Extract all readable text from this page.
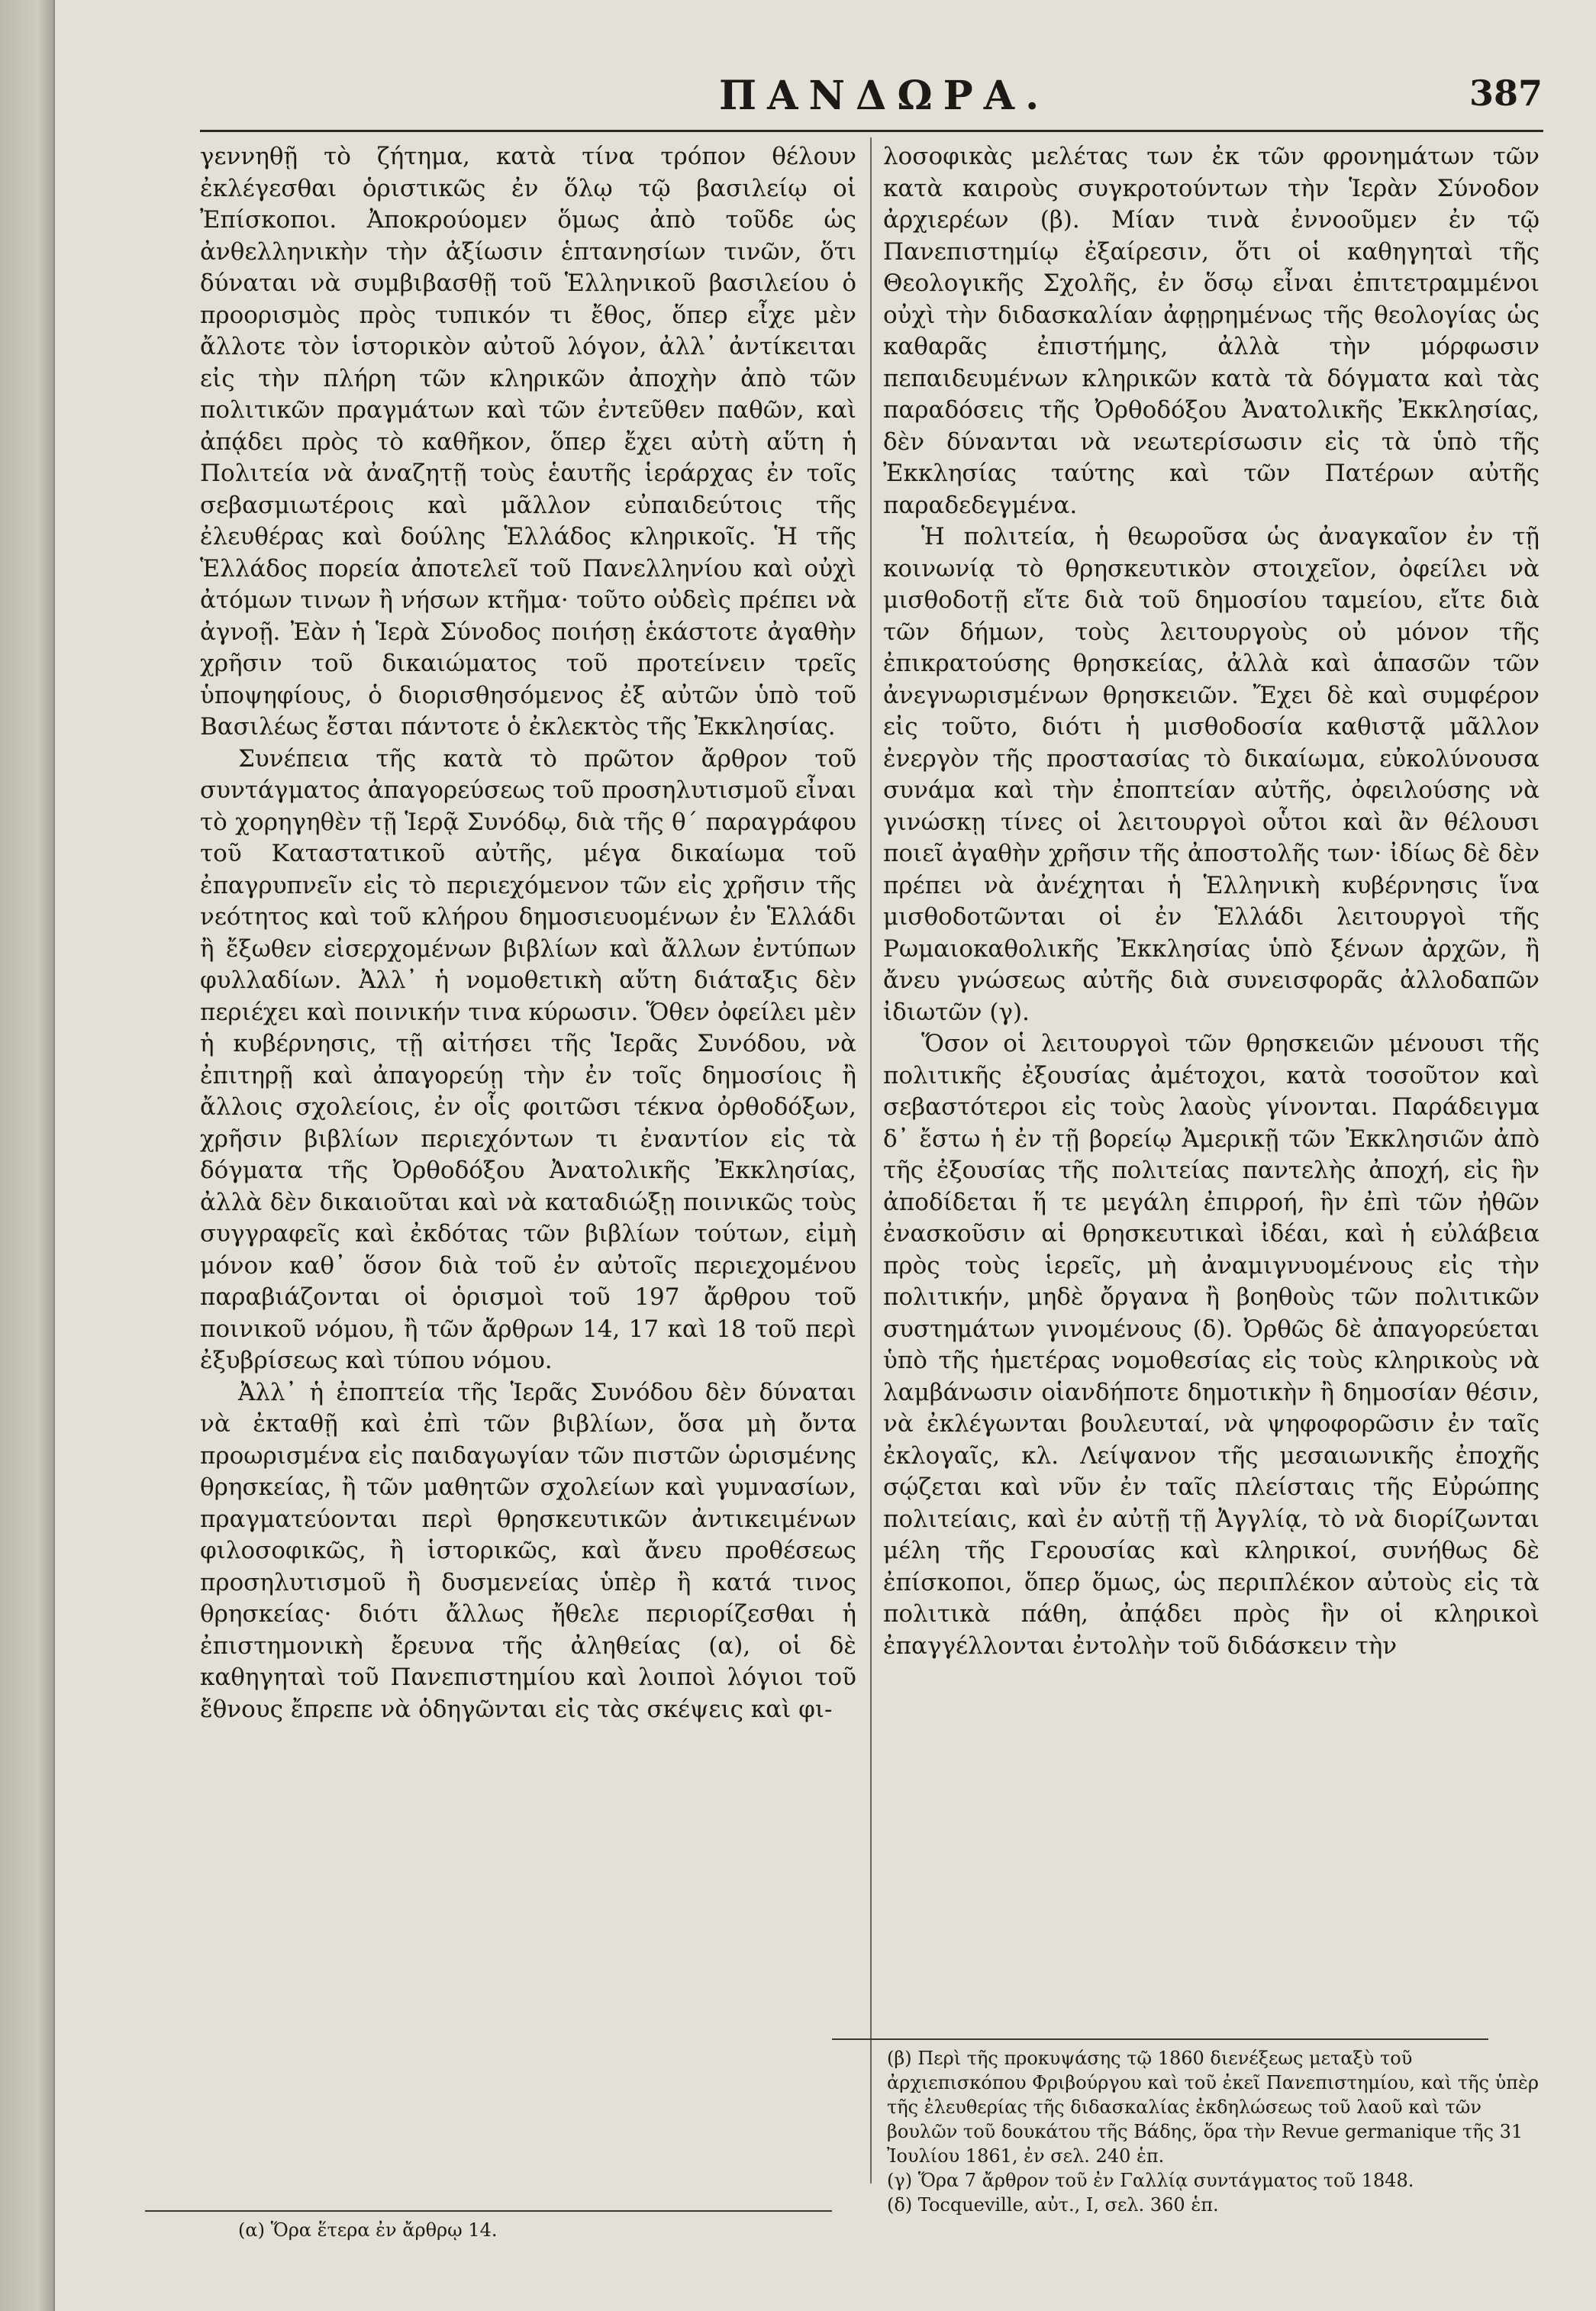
ΠΑΝΔΩΡΑ.	387

γεννηθῇ τὸ ζήτημα, κατὰ τίνα τρόπον θέλουν ἐκλέγεσθαι ὁριστικῶς ἐν ὅλῳ τῷ βασιλείῳ οἱ Ἐπίσκοποι. Ἀποκρούομεν ὅμως ἀπὸ τοῦδε ὡς ἀνθελληνικὴν τὴν ἀξίωσιν ἑπτανησίων τινῶν, ὅτι δύναται νὰ συμβιβασθῇ τοῦ Ἑλληνικοῦ βασιλείου ὁ προορισμὸς πρὸς τυπικόν τι ἔθος, ὅπερ εἶχε μὲν ἄλλοτε τὸν ἱστορικὸν αὐτοῦ λόγον, ἀλλ᾽ ἀντίκειται εἰς τὴν πλήρη τῶν κληρικῶν ἀποχὴν ἀπὸ τῶν πολιτικῶν πραγμάτων καὶ τῶν ἐντεῦθεν παθῶν, καὶ ἀπᾴδει πρὸς τὸ καθῆκον, ὅπερ ἔχει αὐτὴ αὕτη ἡ Πολιτεία νὰ ἀναζητῇ τοὺς ἑαυτῆς ἱεράρχας ἐν τοῖς σεβασμιωτέροις καὶ μᾶλλον εὐπαιδεύτοις τῆς ἐλευθέρας καὶ δούλης Ἑλλάδος κληρικοῖς. Ἡ τῆς Ἑλλάδος πορεία ἀποτελεῖ τοῦ Πανελληνίου καὶ οὐχὶ ἀτόμων τινων ἢ νήσων κτῆμα· τοῦτο οὐδεὶς πρέπει νὰ ἀγνοῇ. Ἐὰν ἡ Ἱερὰ Σύνοδος ποιήσῃ ἑκάστοτε ἀγαθὴν χρῆσιν τοῦ δικαιώματος τοῦ προτείνειν τρεῖς ὑποψηφίους, ὁ διορισθησόμενος ἐξ αὐτῶν ὑπὸ τοῦ Βασιλέως ἔσται πάντοτε ὁ ἐκλεκτὸς τῆς Ἐκκλησίας.

Συνέπεια τῆς κατὰ τὸ πρῶτον ἄρθρον τοῦ συντάγματος ἀπαγορεύσεως τοῦ προσηλυτισμοῦ εἶναι τὸ χορηγηθὲν τῇ Ἱερᾷ Συνόδῳ, διὰ τῆς θ´ παραγράφου τοῦ Καταστατικοῦ αὐτῆς, μέγα δικαίωμα τοῦ ἐπαγρυπνεῖν εἰς τὸ περιεχόμενον τῶν εἰς χρῆσιν τῆς νεότητος καὶ τοῦ κλήρου δημοσιευομένων ἐν Ἑλλάδι ἢ ἔξωθεν εἰσερχομένων βιβλίων καὶ ἄλλων ἐντύπων φυλλαδίων. Ἀλλ᾽ ἡ νομοθετικὴ αὕτη διάταξις δὲν περιέχει καὶ ποινικήν τινα κύρωσιν. Ὅθεν ὀφείλει μὲν ἡ κυβέρνησις, τῇ αἰτήσει τῆς Ἱερᾶς Συνόδου, νὰ ἐπιτηρῇ καὶ ἀπαγορεύῃ τὴν ἐν τοῖς δημοσίοις ἢ ἄλλοις σχολείοις, ἐν οἷς φοιτῶσι τέκνα ὀρθοδόξων, χρῆσιν βιβλίων περιεχόντων τι ἐναντίον εἰς τὰ δόγματα τῆς Ὀρθοδόξου Ἀνατολικῆς Ἐκκλησίας, ἀλλὰ δὲν δικαιοῦται καὶ νὰ καταδιώξῃ ποινικῶς τοὺς συγγραφεῖς καὶ ἐκδότας τῶν βιβλίων τούτων, εἰμὴ μόνον καθ᾽ ὅσον διὰ τοῦ ἐν αὐτοῖς περιεχομένου παραβιάζονται οἱ ὁρισμοὶ τοῦ 197 ἄρθρου τοῦ ποινικοῦ νόμου, ἢ τῶν ἄρθρων 14, 17 καὶ 18 τοῦ περὶ ἐξυβρίσεως καὶ τύπου νόμου.

Ἀλλ᾽ ἡ ἐποπτεία τῆς Ἱερᾶς Συνόδου δὲν δύναται νὰ ἐκταθῇ καὶ ἐπὶ τῶν βιβλίων, ὅσα μὴ ὄντα προωρισμένα εἰς παιδαγωγίαν τῶν πιστῶν ὡρισμένης θρησκείας, ἢ τῶν μαθητῶν σχολείων καὶ γυμνασίων, πραγματεύονται περὶ θρησκευτικῶν ἀντικειμένων φιλοσοφικῶς, ἢ ἱστορικῶς, καὶ ἄνευ προθέσεως προσηλυτισμοῦ ἢ δυσμενείας ὑπὲρ ἢ κατά τινος θρησκείας· διότι ἄλλως ἤθελε περιορίζεσθαι ἡ ἐπιστημονικὴ ἔρευνα τῆς ἀληθείας (α), οἱ δὲ καθηγηταὶ τοῦ Πανεπιστημίου καὶ λοιποὶ λόγιοι τοῦ ἔθνους ἔπρεπε νὰ ὁδηγῶνται εἰς τὰς σκέψεις καὶ φι-

λοσοφικὰς μελέτας των ἐκ τῶν φρονημάτων τῶν κατὰ καιροὺς συγκροτούντων τὴν Ἱερὰν Σύνοδον ἀρχιερέων (β). Μίαν τινὰ ἐννοοῦμεν ἐν τῷ Πανεπιστημίῳ ἐξαίρεσιν, ὅτι οἱ καθηγηταὶ τῆς Θεολογικῆς Σχολῆς, ἐν ὅσῳ εἶναι ἐπιτετραμμένοι οὐχὶ τὴν διδασκαλίαν ἀφῃρημένως τῆς θεολογίας ὡς καθαρᾶς ἐπιστήμης, ἀλλὰ τὴν μόρφωσιν πεπαιδευμένων κληρικῶν κατὰ τὰ δόγματα καὶ τὰς παραδόσεις τῆς Ὀρθοδόξου Ἀνατολικῆς Ἐκκλησίας, δὲν δύνανται νὰ νεωτερίσωσιν εἰς τὰ ὑπὸ τῆς Ἐκκλησίας ταύτης καὶ τῶν Πατέρων αὐτῆς παραδεδεγμένα.

Ἡ πολιτεία, ἡ θεωροῦσα ὡς ἀναγκαῖον ἐν τῇ κοινωνίᾳ τὸ θρησκευτικὸν στοιχεῖον, ὀφείλει νὰ μισθοδοτῇ εἴτε διὰ τοῦ δημοσίου ταμείου, εἴτε διὰ τῶν δήμων, τοὺς λειτουργοὺς οὐ μόνον τῆς ἐπικρατούσης θρησκείας, ἀλλὰ καὶ ἁπασῶν τῶν ἀνεγνωρισμένων θρησκειῶν. Ἔχει δὲ καὶ συμφέρον εἰς τοῦτο, διότι ἡ μισθοδοσία καθιστᾷ μᾶλλον ἐνεργὸν τῆς προστασίας τὸ δικαίωμα, εὐκολύνουσα συνάμα καὶ τὴν ἐποπτείαν αὐτῆς, ὀφειλούσης νὰ γινώσκῃ τίνες οἱ λειτουργοὶ οὗτοι καὶ ἂν θέλουσι ποιεῖ ἀγαθὴν χρῆσιν τῆς ἀποστολῆς των· ἰδίως δὲ δὲν πρέπει νὰ ἀνέχηται ἡ Ἑλληνικὴ κυβέρνησις ἵνα μισθοδοτῶνται οἱ ἐν Ἑλλάδι λειτουργοὶ τῆς Ρωμαιοκαθολικῆς Ἐκκλησίας ὑπὸ ξένων ἀρχῶν, ἢ ἄνευ γνώσεως αὐτῆς διὰ συνεισφορᾶς ἀλλοδαπῶν ἰδιωτῶν (γ).

Ὅσον οἱ λειτουργοὶ τῶν θρησκειῶν μένουσι τῆς πολιτικῆς ἐξουσίας ἀμέτοχοι, κατὰ τοσοῦτον καὶ σεβαστότεροι εἰς τοὺς λαοὺς γίνονται. Παράδειγμα δ᾽ ἔστω ἡ ἐν τῇ βορείῳ Ἀμερικῇ τῶν Ἐκκλησιῶν ἀπὸ τῆς ἐξουσίας τῆς πολιτείας παντελὴς ἀποχή, εἰς ἣν ἀποδίδεται ἥ τε μεγάλη ἐπιρροή, ἣν ἐπὶ τῶν ἠθῶν ἐνασκοῦσιν αἱ θρησκευτικαὶ ἰδέαι, καὶ ἡ εὐλάβεια πρὸς τοὺς ἱερεῖς, μὴ ἀναμιγνυομένους εἰς τὴν πολιτικήν, μηδὲ ὄργανα ἢ βοηθοὺς τῶν πολιτικῶν συστημάτων γινομένους (δ). Ὀρθῶς δὲ ἀπαγορεύεται ὑπὸ τῆς ἡμετέρας νομοθεσίας εἰς τοὺς κληρικοὺς νὰ λαμβάνωσιν οἱανδήποτε δημοτικὴν ἢ δημοσίαν θέσιν, νὰ ἐκλέγωνται βουλευταί, νὰ ψηφοφορῶσιν ἐν ταῖς ἐκλογαῖς, κλ. Λείψανον τῆς μεσαιωνικῆς ἐποχῆς σῴζεται καὶ νῦν ἐν ταῖς πλείσταις τῆς Εὐρώπης πολιτείαις, καὶ ἐν αὐτῇ τῇ Ἀγγλίᾳ, τὸ νὰ διορίζωνται μέλη τῆς Γερουσίας καὶ κληρικοί, συνήθως δὲ ἐπίσκοποι, ὅπερ ὅμως, ὡς περιπλέκον αὐτοὺς εἰς τὰ πολιτικὰ πάθη, ἀπᾴδει πρὸς ἣν οἱ κληρικοὶ ἐπαγγέλλονται ἐντολὴν τοῦ διδάσκειν τὴν

(β) Περὶ τῆς προκυψάσης τῷ 1860 διενέξεως μεταξὺ τοῦ ἀρχιεπισκόπου Φριβούργου καὶ τοῦ ἐκεῖ Πανεπιστημίου, καὶ τῆς ὑπὲρ τῆς ἐλευθερίας τῆς διδασκαλίας ἐκδηλώσεως τοῦ λαοῦ καὶ τῶν βουλῶν τοῦ δουκάτου τῆς Βάδης, ὅρα τὴν Revue germanique τῆς 31 Ἰουλίου 1861, ἐν σελ. 240 ἑπ.
(γ) Ὅρα 7 ἄρθρον τοῦ ἐν Γαλλίᾳ συντάγματος τοῦ 1848.
(δ) Tocqueville, αὐτ., I, σελ. 360 ἑπ.
(α) Ὅρα ἕτερα ἐν ἄρθρῳ 14.
